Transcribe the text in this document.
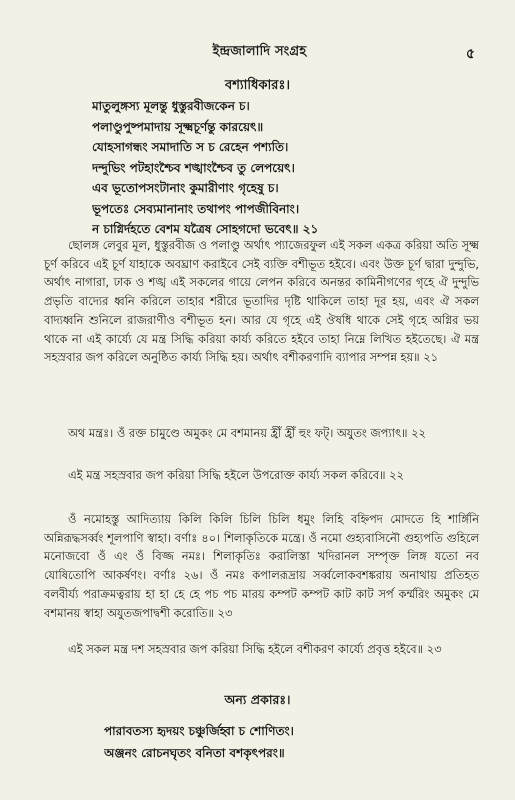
ইন্দ্রজালাদি সংগ্রহ	৫
বশ্যাধিকারঃ।
মাতুলুঙ্গস্য মূলন্তু ধুস্তুরবীজকেন চ।
পলাণ্ডুপুষ্পমাদায় সূক্ষ্মচূর্ণন্তু কারয়েৎ॥
যোহসাগন্ধং সমাদাতি স চ রেহেন পশ্যতি।
দন্দুভিং পটহাংশ্চৈব শঙ্খাংশ্চৈব তু লেপয়েৎ।
এব ভূতোপসংটানাং কুমারীণাং গৃহেষু চ।
ভূপতেঃ সেব্যমানানাং তথাপং পাপজীবিনাং।
ন চাগ্নির্দহতে বেশম যত্রৈষ সোহগদো ভবেৎ॥ ২১

ছোলঙ্গ লেবুর মূল, ধুস্তুরবীজ ও পলাণ্ডু অর্থাৎ প্যাজেরফুল এই সকল একত্র করিয়া অতি সূক্ষ্ম চূর্ণ করিবে এই চূর্ণ যাহাকে অবঘ্রাণ করাইবে সেই ব্যক্তি বশীভূত হইবে। এবং উক্ত চূর্ণ দ্বারা দুন্দুভি, অর্থাৎ নাগারা, ঢাক ও শঙ্খ এই সকলের গায়ে লেপন করিবে অনন্তর কামিনীগণের গৃহে ঐ দুন্দুভি প্রভৃতি বাদ্যের ধ্বনি করিলে তাহার শরীরে ভূতাদির দৃষ্টি থাকিলে তাহা দূর হয়, এবং ঐ সকল বাদ্যধ্বনি শুনিলে রাজরাণীও বশীভূত হন। আর যে গৃহে এই ঔষধি থাকে সেই গৃহে অগ্নির ভয় থাকে না এই কার্য্যে যে মন্ত্র সিদ্ধি করিয়া কার্য্য করিতে হইবে তাহা নিম্নে লিখিত হইতেছে। ঐ মন্ত্র সহস্রবার জপ করিলে অনুষ্ঠিত কার্য্য সিদ্ধি হয়। অর্থাৎ বশীকরণাদি ব্যাপার সম্পন্ন হয়॥ ২১

অথ মন্ত্রঃ। ওঁ রক্ত চামুণ্ডে অমুকং মে বশমানয় হ্রীঁ হ্রীঁ হুং ফট্। অযুতং জপ্যাৎ॥ ২২

এই মন্ত্র সহস্রবার জপ করিয়া সিদ্ধি হইলে উপরোক্ত কার্য্য সকল করিবে॥ ২২

ওঁ নমোহস্তু আদিত্যায় কিলি কিলি চিলি চিলি ধমুং লিহি বহ্নিপদ মোদতে হি শার্ঙ্গিনি অন্নিরূদ্ধসর্ব্বং শূলপাণি স্বাহা। বর্ণাঃ ৪০। শিলাকৃতিকে মন্ত্রে। ওঁ নমো গুহ্যবাসিনৌ গুহ্যপতি গুহিলে মনোজবো ওঁ এং ওঁ বিজ্জ নমঃ। শিলাকৃতিঃ করালিস্তা খদিরানল সম্পৃক্ত লিঙ্গ যতো নব যোষিতোপি আকর্ষণং। বর্ণাঃ ২৬। ওঁ নমঃ কপালরূদ্রায় সর্ব্বলোকবশঙ্করায় অনাথায় প্রতিহত বলবীর্য্য পরাক্রমত্বরায় হা হা হে হে পচ পচ মারয় কম্পট কম্পট কাট কাট সর্প কর্ম্মরিং অমুকং মে বশমানয় স্বাহা অযুতজপাদ্বশী করোতি॥ ২৩

এই সকল মন্ত্র দশ সহস্রবার জপ করিয়া সিদ্ধি হইলে বশীকরণ কার্য্যে প্রবৃত্ত হইবে॥ ২৩

অন্য প্রকারঃ।
পারাবতস্য হৃদয়ং চঞ্চুর্জিহ্বা চ শোণিতং।
অঞ্জনং রোচনঘৃতং বনিতা বশকৃৎপরং॥
